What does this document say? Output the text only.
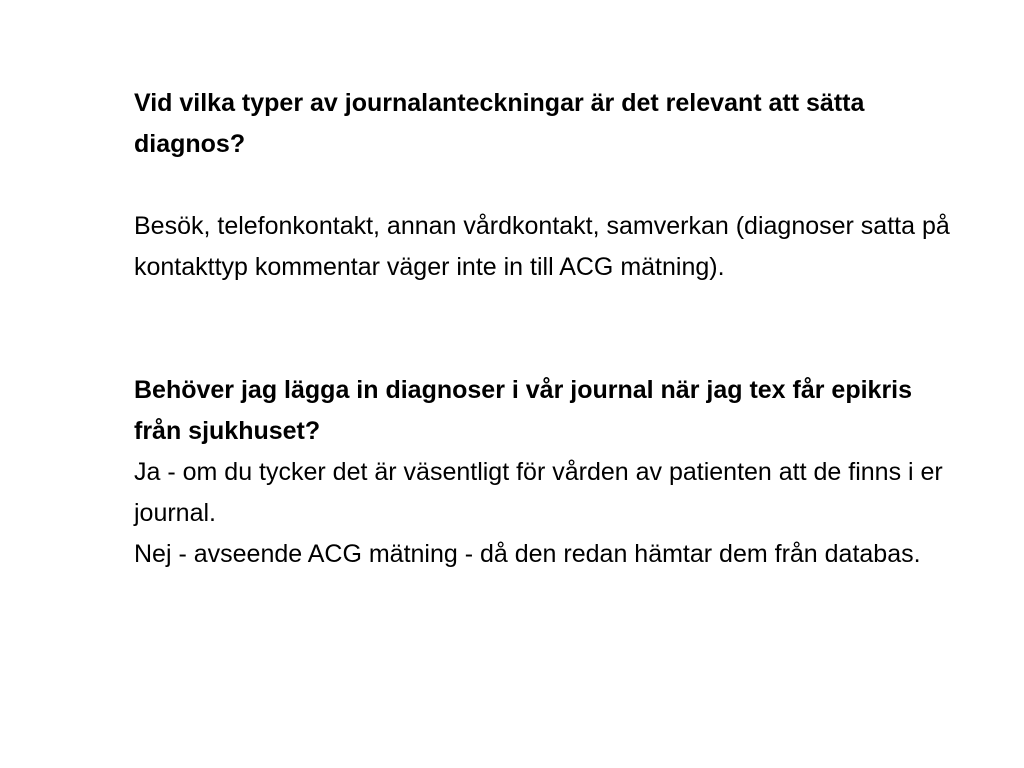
Vid vilka typer av journalanteckningar är det relevant att sätta diagnos?

Besök, telefonkontakt, annan vårdkontakt, samverkan (diagnoser satta på kontakttyp kommentar väger inte in till ACG mätning).

Behöver jag lägga in diagnoser i vår journal när jag tex får epikris från sjukhuset?

Ja - om du tycker det är väsentligt för vården av patienten att de finns i er journal.

Nej - avseende ACG mätning - då den redan hämtar dem från databas.
